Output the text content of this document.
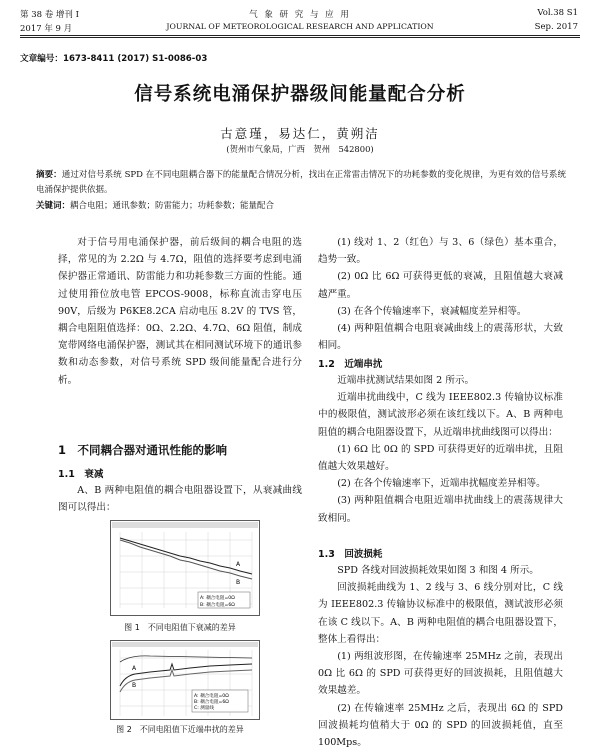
第 38 卷 增刊 Ⅰ	气 象 研 究 与 应 用	Vol.38 S1
2017 年 9 月	JOURNAL OF METEOROLOGICAL RESEARCH AND APPLICATION	Sep. 2017
文章编号：1673-8411 (2017) S1-0086-03
信号系统电涌保护器级间能量配合分析
古意瑾，易达仁，黄朔洁
(贺州市气象局，广西　贺州　542800)
摘要：通过对信号系统 SPD 在不同电阻耦合器下的能量配合情况分析，找出在正常雷击情况下的功耗参数的变化规律，为更有效的信号系统电涌保护提供依据。
关键词：耦合电阻；通讯参数；防雷能力；功耗参数；能量配合

对于信号用电涌保护器，前后级间的耦合电阻的选择，常见的为 2.2Ω 与 4.7Ω，阻值的选择要考虑到电涌保护器正常通讯、防雷能力和功耗参数三方面的性能。通过使用箝位放电管 EPCOS-9008，标称直流击穿电压 90V，后级为 P6KE8.2CA 启动电压 8.2V 的 TVS 管，耦合电阻阻值选择：0Ω、2.2Ω、4.7Ω、6Ω 阻值，制成宽带网络电涌保护器，测试其在相同测试环境下的通讯参数和动态参数，对信号系统 SPD 级间能量配合进行分析。

1　不同耦合器对通讯性能的影响
1.1　衰减

A、B 两种电阻值的耦合电阻器设置下，从衰减曲线图可以得出：

A
B
A: 耦合电阻=0Ω
B: 耦合电阻=6Ω
图 1　不同电阻值下衰减的差异
A
B
A: 耦合电阻=0Ω
B: 耦合电阻=6Ω
C: 测量线
图 2　不同电阻值下近端串扰的差异

(1) 线对 1、2（红色）与 3、6（绿色）基本重合，趋势一致。

(2) 0Ω 比 6Ω 可获得更低的衰减，且阻值越大衰减越严重。

(3) 在各个传输速率下，衰减幅度差异相等。

(4) 两种阻值耦合电阻衰减曲线上的震荡形状，大致相同。

1.2　近端串扰

近端串扰测试结果如图 2 所示。

近端串扰曲线中，C 线为 IEEE802.3 传输协议标准中的极限值，测试波形必须在该红线以下。A、B 两种电阻值的耦合电阻器设置下，从近端串扰曲线图可以得出：

(1) 6Ω 比 0Ω 的 SPD 可获得更好的近端串扰，且阻值越大效果越好。

(2) 在各个传输速率下，近端串扰幅度差异相等。

(3) 两种阻值耦合电阻近端串扰曲线上的震荡规律大致相同。

1.3　回波损耗

SPD 各线对回波损耗效果如图 3 和图 4 所示。

回波损耗曲线为 1、2 线与 3、6 线分别对比，C 线为 IEEE802.3 传输协议标准中的极限值，测试波形必须在该 C 线以下。A、B 两种电阻值的耦合电阻器设置下，整体上看得出：

(1) 两组波形图，在传输速率 25MHz 之前，表现出 0Ω 比 6Ω 的 SPD 可获得更好的回波损耗，且阻值越大效果越差。

(2) 在传输速率 25MHz 之后，表现出 6Ω 的 SPD 回波损耗均值稍大于 0Ω 的 SPD 的回波损耗值，直至 100Mps。
